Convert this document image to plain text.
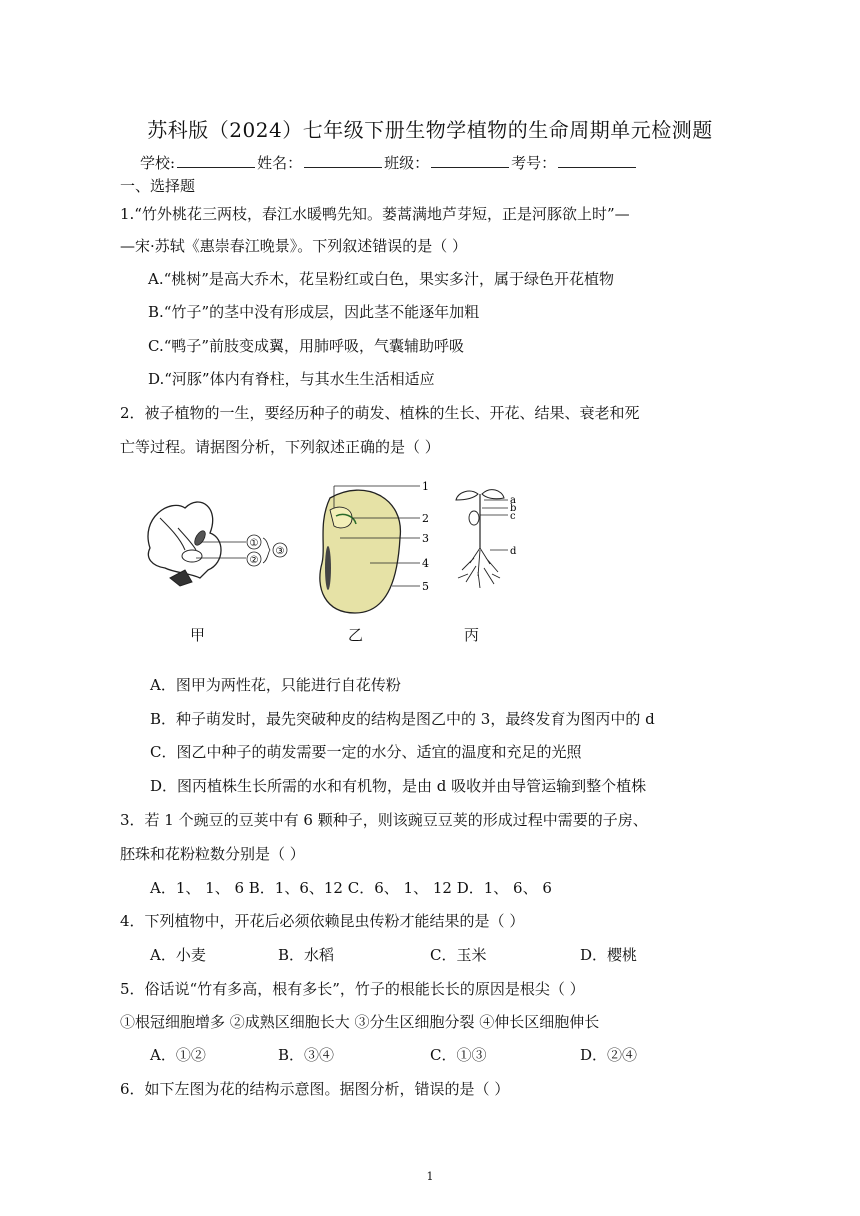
苏科版（2024）七年级下册生物学植物的生命周期单元检测题
学校:	姓名：	班级：	考号：
一、选择题
1.“竹外桃花三两枝，春江水暖鸭先知。蒌蒿满地芦芽短，正是河豚欲上时”—
—宋·苏轼《惠崇春江晚景》。下列叙述错误的是（ ）
A.“桃树”是高大乔木，花呈粉红或白色，果实多汁，属于绿色开花植物
B.“竹子”的茎中没有形成层，因此茎不能逐年加粗
C.“鸭子”前肢变成翼，用肺呼吸，气囊辅助呼吸
D.“河豚”体内有脊柱，与其水生生活相适应
2．被子植物的一生，要经历种子的萌发、植株的生长、开花、结果、衰老和死
亡等过程。请据图分析，下列叙述正确的是（ ）
①
②
③
1
2
3
4
5
a
b
c
d
甲	乙	丙
A．图甲为两性花，只能进行自花传粉
B．种子萌发时，最先突破种皮的结构是图乙中的 3，最终发育为图丙中的 d
C．图乙中种子的萌发需要一定的水分、适宜的温度和充足的光照
D．图丙植株生长所需的水和有机物，是由 d 吸收并由导管运输到整个植株
3．若 1 个豌豆的豆荚中有 6 颗种子，则该豌豆豆荚的形成过程中需要的子房、
胚珠和花粉粒数分别是（ ）
A．1、 1、 6 B．1、6、12 C．6、 1、 12 D．1、 6、 6
4．下列植物中，开花后必须依赖昆虫传粉才能结果的是（ ）
A．小麦	B．水稻	C．玉米	D．樱桃
5．俗话说“竹有多高，根有多长”，竹子的根能长长的原因是根尖（ ）
①根冠细胞增多 ②成熟区细胞长大 ③分生区细胞分裂 ④伸长区细胞伸长
A．①②	B．③④	C．①③	D．②④
6．如下左图为花的结构示意图。据图分析，错误的是（ ）
1
